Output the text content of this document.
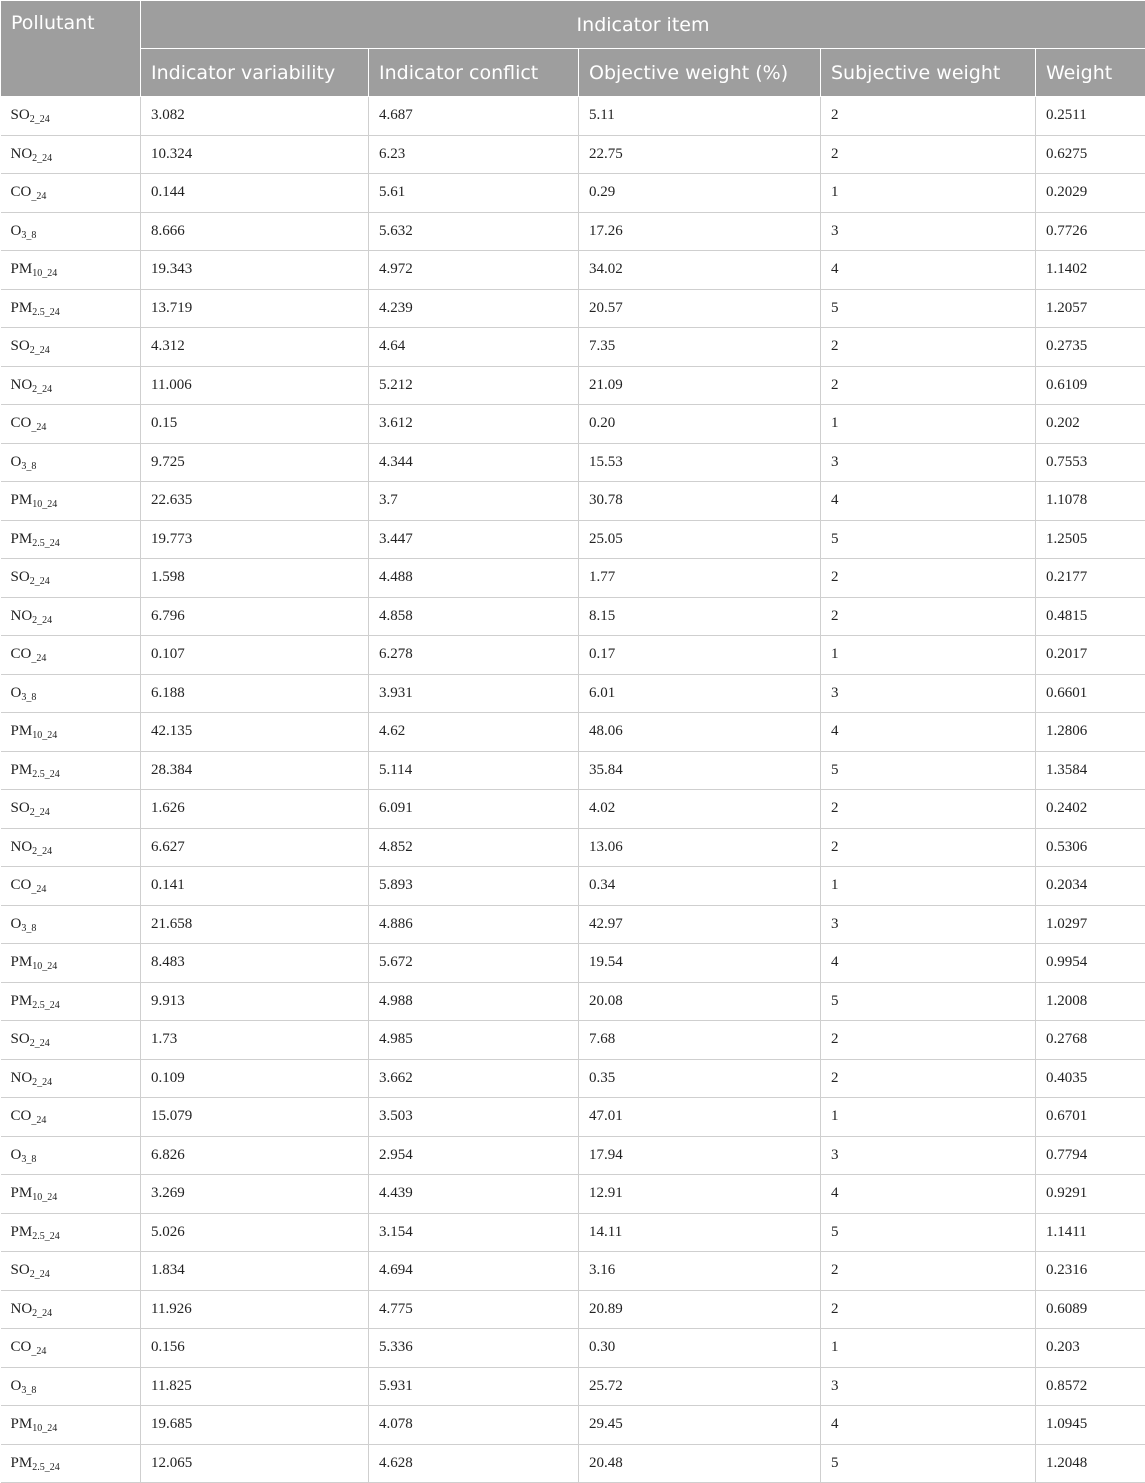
Pollutant	Indicator item				
	Indicator variability	Indicator conflict	Objective weight (%)	Subjective weight	Weight
$SO_{2\_24}$	3.082	4.687	5.11	2	0.2511
$NO_{2\_24}$	10.324	6.23	22.75	2	0.6275
$CO_{\_24}$	0.144	5.61	0.29	1	0.2029
$O_{3\_8}$	8.666	5.632	17.26	3	0.7726
$PM_{10\_24}$	19.343	4.972	34.02	4	1.1402
$PM_{2.5\_24}$	13.719	4.239	20.57	5	1.2057
$SO_{2\_24}$	4.312	4.64	7.35	2	0.2735
$NO_{2\_24}$	11.006	5.212	21.09	2	0.6109
$CO_{\_24}$	0.15	3.612	0.20	1	0.202
$O_{3\_8}$	9.725	4.344	15.53	3	0.7553
$PM_{10\_24}$	22.635	3.7	30.78	4	1.1078
$PM_{2.5\_24}$	19.773	3.447	25.05	5	1.2505
$SO_{2\_24}$	1.598	4.488	1.77	2	0.2177
$NO_{2\_24}$	6.796	4.858	8.15	2	0.4815
$CO_{\_24}$	0.107	6.278	0.17	1	0.2017
$O_{3\_8}$	6.188	3.931	6.01	3	0.6601
$PM_{10\_24}$	42.135	4.62	48.06	4	1.2806
$PM_{2.5\_24}$	28.384	5.114	35.84	5	1.3584
$SO_{2\_24}$	1.626	6.091	4.02	2	0.2402
$NO_{2\_24}$	6.627	4.852	13.06	2	0.5306
$CO_{\_24}$	0.141	5.893	0.34	1	0.2034
$O_{3\_8}$	21.658	4.886	42.97	3	1.0297
$PM_{10\_24}$	8.483	5.672	19.54	4	0.9954
$PM_{2.5\_24}$	9.913	4.988	20.08	5	1.2008
$SO_{2\_24}$	1.73	4.985	7.68	2	0.2768
$NO_{2\_24}$	0.109	3.662	0.35	2	0.4035
$CO_{\_24}$	15.079	3.503	47.01	1	0.6701
$O_{3\_8}$	6.826	2.954	17.94	3	0.7794
$PM_{10\_24}$	3.269	4.439	12.91	4	0.9291
$PM_{2.5\_24}$	5.026	3.154	14.11	5	1.1411
$SO_{2\_24}$	1.834	4.694	3.16	2	0.2316
$NO_{2\_24}$	11.926	4.775	20.89	2	0.6089
$CO_{\_24}$	0.156	5.336	0.30	1	0.203
$O_{3\_8}$	11.825	5.931	25.72	3	0.8572
$PM_{10\_24}$	19.685	4.078	29.45	4	1.0945
$PM_{2.5\_24}$	12.065	4.628	20.48	5	1.2048
